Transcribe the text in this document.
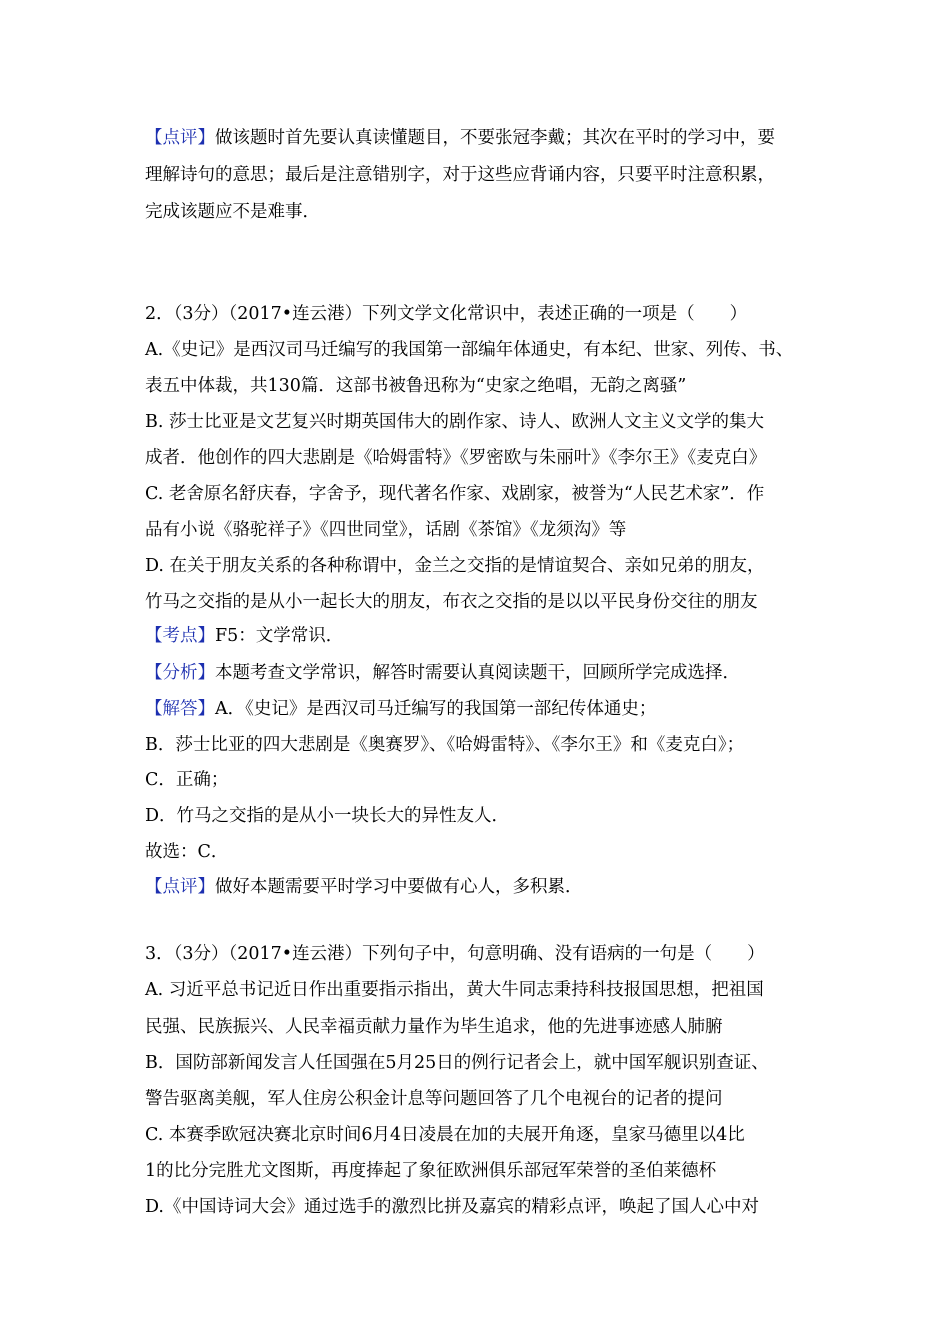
【点评】做该题时首先要认真读懂题目，不要张冠李戴；其次在平时的学习中，要
理解诗句的意思；最后是注意错别字，对于这些应背诵内容，只要平时注意积累，
完成该题应不是难事．
2．（3分）（2017•连云港）下列文学文化常识中，表述正确的一项是（　　）
A.《史记》是西汉司马迁编写的我国第一部编年体通史，有本纪、世家、列传、书、
表五中体裁，共130篇．这部书被鲁迅称为“史家之绝唱，无韵之离骚”
B. 莎士比亚是文艺复兴时期英国伟大的剧作家、诗人、欧洲人文主义文学的集大
成者．他创作的四大悲剧是《哈姆雷特》《罗密欧与朱丽叶》《李尔王》《麦克白》
C. 老舍原名舒庆春，字舍予，现代著名作家、戏剧家，被誉为“人民艺术家”．作
品有小说《骆驼祥子》《四世同堂》，话剧《茶馆》《龙须沟》等
D. 在关于朋友关系的各种称谓中，金兰之交指的是情谊契合、亲如兄弟的朋友，
竹马之交指的是从小一起长大的朋友，布衣之交指的是以以平民身份交往的朋友
【考点】F5：文学常识．
【分析】本题考查文学常识，解答时需要认真阅读题干，回顾所学完成选择．
【解答】A．《史记》是西汉司马迁编写的我国第一部纪传体通史；
B．莎士比亚的四大悲剧是《奥赛罗》、《哈姆雷特》、《李尔王》和《麦克白》；
C．正确；
D．竹马之交指的是从小一块长大的异性友人．
故选：C．
【点评】做好本题需要平时学习中要做有心人，多积累．
3．（3分）（2017•连云港）下列句子中，句意明确、没有语病的一句是（　　）
A. 习近平总书记近日作出重要指示指出，黄大牛同志秉持科技报国思想，把祖国
民强、民族振兴、人民幸福贡献力量作为毕生追求，他的先进事迹感人肺腑
B．国防部新闻发言人任国强在5月25日的例行记者会上，就中国军舰识别查证、
警告驱离美舰，军人住房公积金计息等问题回答了几个电视台的记者的提问
C. 本赛季欧冠决赛北京时间6月4日凌晨在加的夫展开角逐，皇家马德里以4比
1的比分完胜尤文图斯，再度捧起了象征欧洲俱乐部冠军荣誉的圣伯莱德杯
D.《中国诗词大会》通过选手的激烈比拼及嘉宾的精彩点评，唤起了国人心中对
